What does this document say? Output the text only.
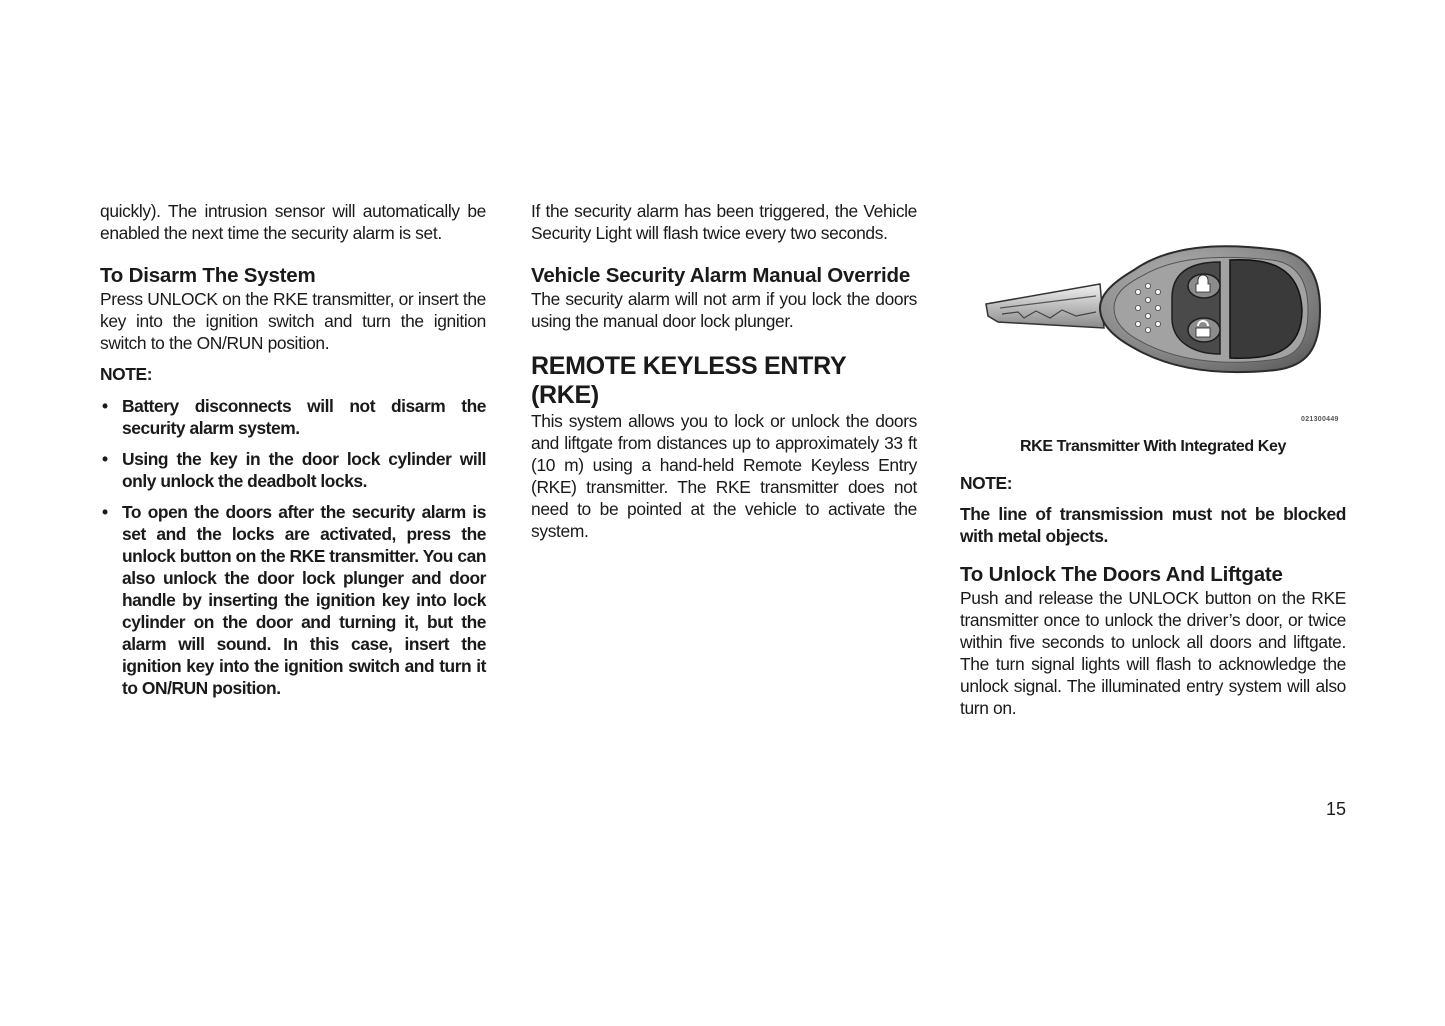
quickly). The intrusion sensor will automatically be enabled the next time the security alarm is set.

To Disarm The System

Press UNLOCK on the RKE transmitter, or insert the key into the ignition switch and turn the ignition switch to the ON/RUN position.

NOTE:
• Battery disconnects will not disarm the security alarm system.
• Using the key in the door lock cylinder will only unlock the deadbolt locks.
• To open the doors after the security alarm is set and the locks are activated, press the unlock button on the RKE transmitter. You can also unlock the door lock plunger and door handle by inserting the ignition key into lock cylinder on the door and turning it, but the alarm will sound. In this case, insert the ignition key into the ignition switch and turn it to ON/RUN position.

If the security alarm has been triggered, the Vehicle Security Light will flash twice every two seconds.

Vehicle Security Alarm Manual Override

The security alarm will not arm if you lock the doors using the manual door lock plunger.

REMOTE KEYLESS ENTRY (RKE)

This system allows you to lock or unlock the doors and liftgate from distances up to approximately 33 ft (10 m) using a hand-held Remote Keyless Entry (RKE) transmitter. The RKE transmitter does not need to be pointed at the vehicle to activate the system.

021300449
RKE Transmitter With Integrated Key
NOTE:

The line of transmission must not be blocked with metal objects.

To Unlock The Doors And Liftgate

Push and release the UNLOCK button on the RKE transmitter once to unlock the driver’s door, or twice within five seconds to unlock all doors and liftgate. The turn signal lights will flash to acknowledge the unlock signal. The illuminated entry system will also turn on.

15
